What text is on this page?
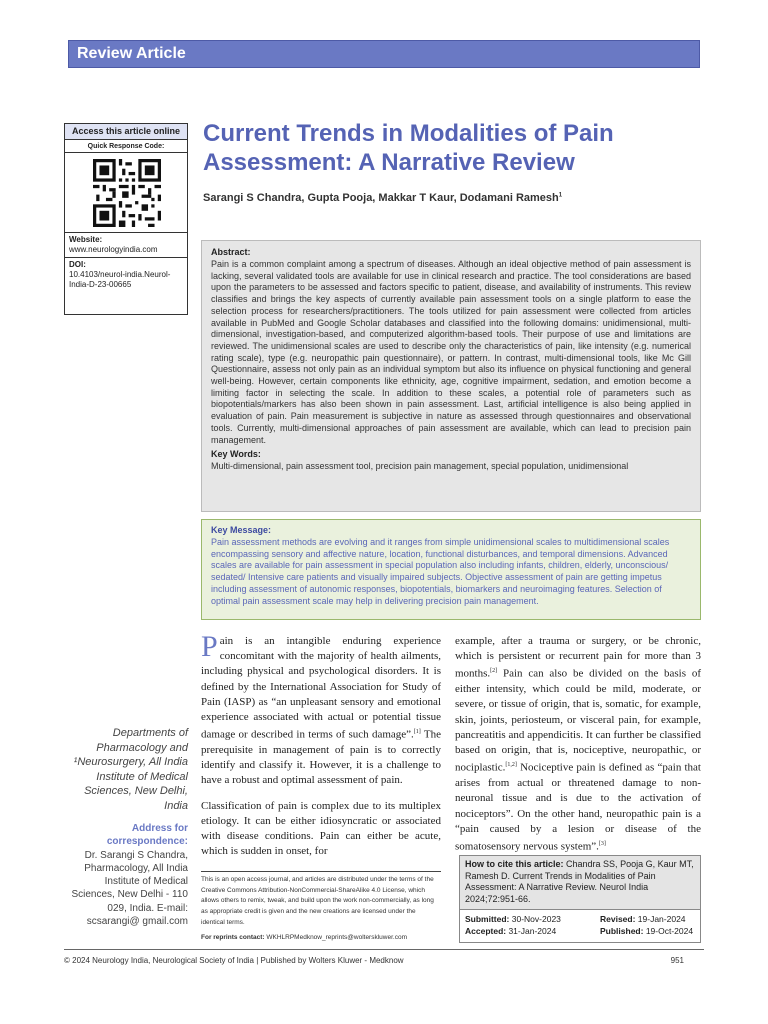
Review Article
Access this article online
Quick Response Code:
Website:
www.neurologyindia.com
DOI:
10.4103/neurol-india.Neurol-India-D-23-00665
Current Trends in Modalities of Pain Assessment: A Narrative Review
Sarangi S Chandra, Gupta Pooja, Makkar T Kaur, Dodamani Ramesh$^1$
Abstract:

Pain is a common complaint among a spectrum of diseases. Although an ideal objective method of pain assessment is lacking, several validated tools are available for use in clinical research and practice. The tool considerations are based upon the parameters to be assessed and factors specific to patient, disease, and availability of instruments. This review classifies and brings the key aspects of currently available pain assessment tools on a single platform to ease the selection process for researchers/practitioners. The tools utilized for pain assessment were collected from articles available in PubMed and Google Scholar databases and classified into the following domains: unidimensional, multi-dimensional, investigation-based, and computerized algorithm-based tools. Their purpose of use and limitations are reviewed. The unidimensional scales are used to describe only the characteristics of pain, like intensity (e.g. numerical rating scale), type (e.g. neuropathic pain questionnaire), or pattern. In contrast, multi-dimensional tools, like Mc Gill Questionnaire, assess not only pain as an individual symptom but also its influence on physical functioning and general well-being. However, certain components like ethnicity, age, cognitive impairment, sedation, and emotion become a limiting factor in selecting the scale. In addition to these scales, a potential role of parameters such as biopotentials/markers has also been shown in pain assessment. Last, artificial intelligence is also being applied in evaluation of pain. Pain measurement is subjective in nature as assessed through questionnaires and observational tools. Currently, multi-dimensional approaches of pain assessment are available, which can lead to precision pain management.

Key Words:

Multi-dimensional, pain assessment tool, precision pain management, special population, unidimensional

Key Message:

Pain assessment methods are evolving and it ranges from simple unidimensional scales to multidimensional scales encompassing sensory and affective nature, location, functional disturbances, and temporal dimensions. Advanced scales are available for pain assessment in special population also including infants, children, elderly, unconscious/ sedated/ Intensive care patients and visually impaired subjects. Objective assessment of pain are getting impetus including assessment of autonomic responses, biopotentials, biomarkers and neuroimaging features. Selection of optimal pain assessment scale may help in delivering precision pain management.

Departments of Pharmacology and ¹Neurosurgery, All India Institute of Medical Sciences, New Delhi, India
Address for correspondence:
Dr. Sarangi S Chandra, Pharmacology, All India Institute of Medical Sciences, New Delhi - 110 029, India. E-mail: scsarangi@ gmail.com

Pain is an intangible enduring experience concomitant with the majority of health ailments, including physical and psychological disorders. It is defined by the International Association for Study of Pain (IASP) as “an unpleasant sensory and emotional experience associated with actual or potential tissue damage or described in terms of such damage”.[1] The prerequisite in management of pain is to correctly identify and classify it. However, it is a challenge to have a robust and optimal assessment of pain.

Classification of pain is complex due to its multiplex etiology. It can be either idiosyncratic or associated with disease conditions. Pain can either be acute, which is sudden in onset, for

example, after a trauma or surgery, or be chronic, which is persistent or recurrent pain for more than 3 months.[2] Pain can also be divided on the basis of either intensity, which could be mild, moderate, or severe, or tissue of origin, that is, somatic, for example, skin, joints, periosteum, or visceral pain, for example, pancreatitis and appendicitis. It can further be classified based on origin, that is, nociceptive, neuropathic, or nociplastic.[1,2] Nociceptive pain is defined as “pain that arises from actual or threatened damage to non-neuronal tissue and is due to the activation of nociceptors”. On the other hand, neuropathic pain is a “pain caused by a lesion or disease of the somatosensory nervous system”.[3]

This is an open access journal, and articles are distributed under the terms of the Creative Commons Attribution-NonCommercial-ShareAlike 4.0 License, which allows others to remix, tweak, and build upon the work non-commercially, as long as appropriate credit is given and the new creations are licensed under the identical terms.
For reprints contact: WKHLRPMedknow_reprints@wolterskluwer.com
How to cite this article: Chandra SS, Pooja G, Kaur MT, Ramesh D. Current Trends in Modalities of Pain Assessment: A Narrative Review. Neurol India 2024;72:951-66.
Submitted: 30-Nov-2023
Accepted: 31-Jan-2024
Revised: 19-Jan-2024
Published: 19-Oct-2024
© 2024 Neurology India, Neurological Society of India | Published by Wolters Kluwer - Medknow	951
